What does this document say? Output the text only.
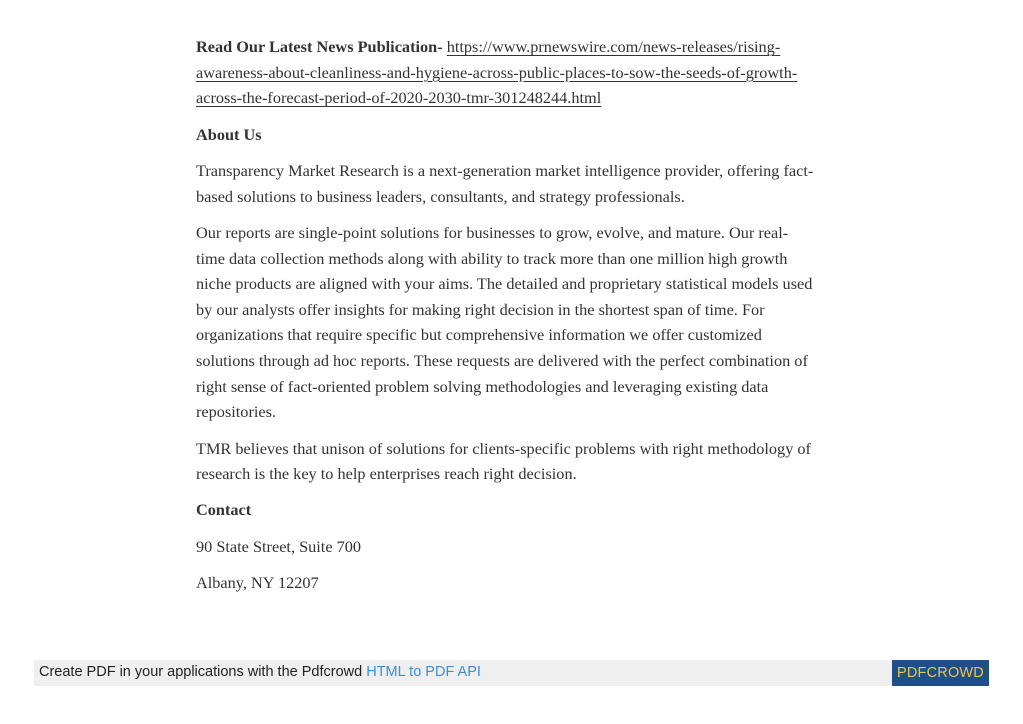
Read Our Latest News Publication- https://www.prnewswire.com/news-releases/rising-awareness-about-cleanliness-and-hygiene-across-public-places-to-sow-the-seeds-of-growth-across-the-forecast-period-of-2020-2030-tmr-301248244.html

About Us

Transparency Market Research is a next-generation market intelligence provider, offering fact-based solutions to business leaders, consultants, and strategy professionals.

Our reports are single-point solutions for businesses to grow, evolve, and mature. Our real-time data collection methods along with ability to track more than one million high growth niche products are aligned with your aims. The detailed and proprietary statistical models used by our analysts offer insights for making right decision in the shortest span of time. For organizations that require specific but comprehensive information we offer customized solutions through ad hoc reports. These requests are delivered with the perfect combination of right sense of fact-oriented problem solving methodologies and leveraging existing data repositories.

TMR believes that unison of solutions for clients-specific problems with right methodology of research is the key to help enterprises reach right decision.

Contact

90 State Street, Suite 700

Albany, NY 12207

Create PDF in your applications with the Pdfcrowd HTML to PDF API	PDFCROWD
